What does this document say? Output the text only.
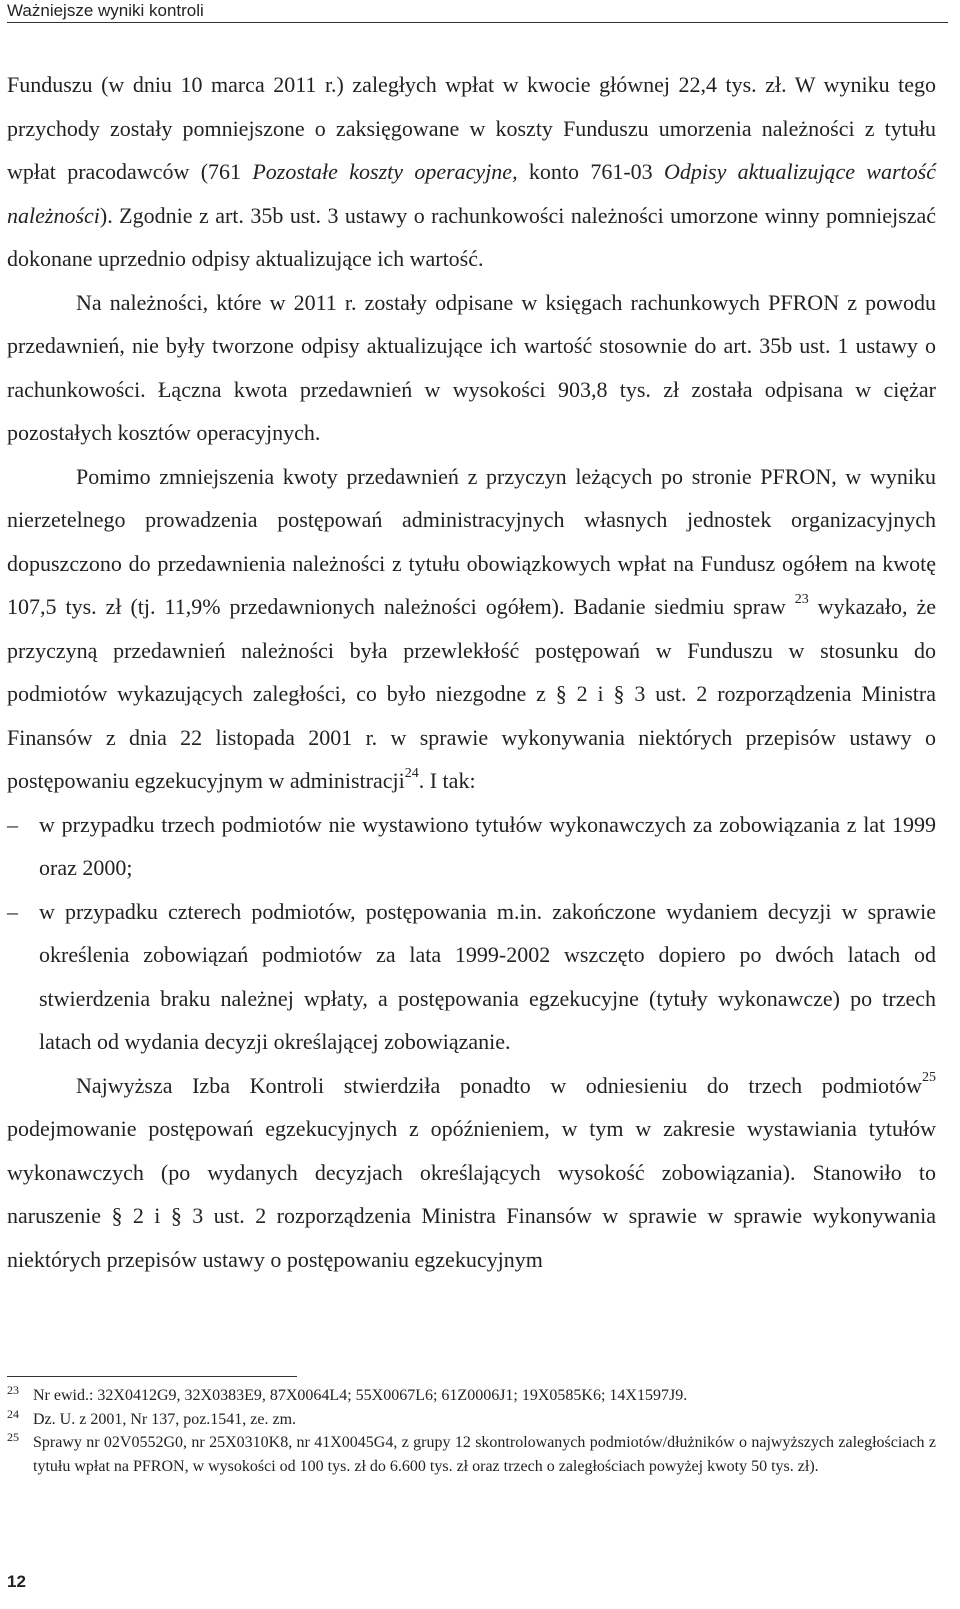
Ważniejsze wyniki kontroli

Funduszu (w dniu 10 marca 2011 r.) zaległych wpłat w kwocie głównej 22,4 tys. zł. W wyniku tego przychody zostały pomniejszone o zaksięgowane w koszty Funduszu umorzenia należności z tytułu wpłat pracodawców (761 Pozostałe koszty operacyjne, konto 761-03 Odpisy aktualizujące wartość należności). Zgodnie z art. 35b ust. 3 ustawy o rachunkowości należności umorzone winny pomniejszać dokonane uprzednio odpisy aktualizujące ich wartość.

Na należności, które w 2011 r. zostały odpisane w księgach rachunkowych PFRON z powodu przedawnień, nie były tworzone odpisy aktualizujące ich wartość stosownie do art. 35b ust. 1 ustawy o rachunkowości. Łączna kwota przedawnień w wysokości 903,8 tys. zł została odpisana w ciężar pozostałych kosztów operacyjnych.

Pomimo zmniejszenia kwoty przedawnień z przyczyn leżących po stronie PFRON, w wyniku nierzetelnego prowadzenia postępowań administracyjnych własnych jednostek organizacyjnych dopuszczono do przedawnienia należności z tytułu obowiązkowych wpłat na Fundusz ogółem na kwotę 107,5 tys. zł (tj. 11,9% przedawnionych należności ogółem). Badanie siedmiu spraw $^{23}$ wykazało, że przyczyną przedawnień należności była przewlekłość postępowań w Funduszu w stosunku do podmiotów wykazujących zaległości, co było niezgodne z § 2 i § 3 ust. 2 rozporządzenia Ministra Finansów z dnia 22 listopada 2001 r. w sprawie wykonywania niektórych przepisów ustawy o postępowaniu egzekucyjnym w administracji$^{24}$. I tak:

– w przypadku trzech podmiotów nie wystawiono tytułów wykonawczych za zobowiązania z lat 1999 oraz 2000;

– w przypadku czterech podmiotów, postępowania m.in. zakończone wydaniem decyzji w sprawie określenia zobowiązań podmiotów za lata 1999-2002 wszczęto dopiero po dwóch latach od stwierdzenia braku należnej wpłaty, a postępowania egzekucyjne (tytuły wykonawcze) po trzech latach od wydania decyzji określającej zobowiązanie.

Najwyższa Izba Kontroli stwierdziła ponadto w odniesieniu do trzech podmiotów$^{25}$ podejmowanie postępowań egzekucyjnych z opóźnieniem, w tym w zakresie wystawiania tytułów wykonawczych (po wydanych decyzjach określających wysokość zobowiązania). Stanowiło to naruszenie § 2 i § 3 ust. 2 rozporządzenia Ministra Finansów w sprawie w sprawie wykonywania niektórych przepisów ustawy o postępowaniu egzekucyjnym

23 Nr ewid.: 32X0412G9, 32X0383E9, 87X0064L4; 55X0067L6; 61Z0006J1; 19X0585K6; 14X1597J9.
24 Dz. U. z 2001, Nr 137, poz.1541, ze. zm.
25 Sprawy nr 02V0552G0, nr 25X0310K8, nr 41X0045G4, z grupy 12 skontrolowanych podmiotów/dłużników o najwyższych zaległościach z tytułu wpłat na PFRON, w wysokości od 100 tys. zł do 6.600 tys. zł oraz trzech o zaległościach powyżej kwoty 50 tys. zł).
12
